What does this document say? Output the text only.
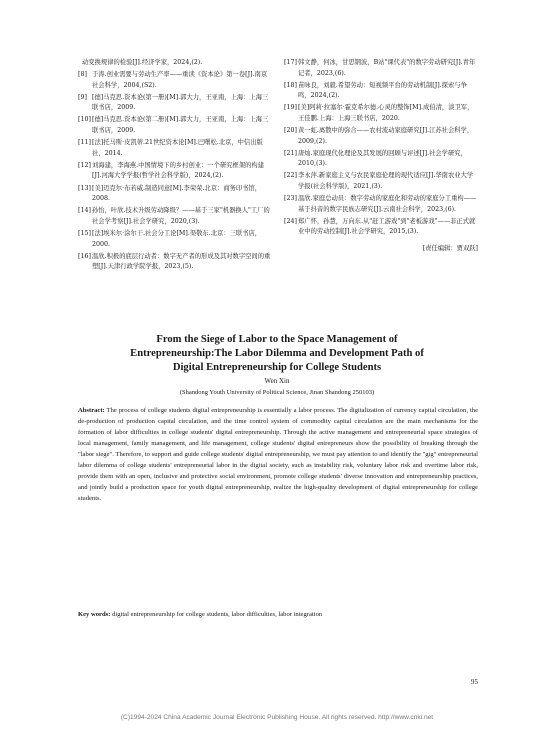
动变换规律的检验[J].经济学家，2024,(2).
[8] 于涛.创业需要与劳动生产率——重读《资本论》第一卷[J].南京社会科学，2004,(S2).
[9] [德]马克思.资本论(第一册)[M].郭大力，王亚南，上海：上海三联书店，2009.
[10] [德]马克思.资本论(第二册)[M].郭大力，王亚南，上海：上海三联书店，2009.
[11] [法]托马斯·皮凯蒂.21世纪资本论[M].巴曙松.北京，中信出版社，2014.
[12] 刘海建，李海燕.中国情境下的乡村创业：一个研究框架的构建[J].河海大学学报(哲学社会科学版)，2024,(2).
[13] [美]迈克尔·布若威.制造同意[M].李荣荣.北京：商务印书馆，2008.
[14] 孙怡，叶欣.技术升级劳动降级？——基于三家"机器换人"工厂的社会学考察[J].社会学研究，2020,(3).
[15] [法]埃米尔·涂尔干.社会分工论[M].渠敬东.北京：三联书店，2000.
[16] 温欣.积极的底层行动者：数字无产者的形成及其对数字空间的重塑[J].天津行政学院学报，2023,(5).
[17] 韩文静，何冰，甘思钢波，B站"课代表"的数字劳动研究[J].青年记者，2023,(6).
[18] 苗咏良，刘毅.希望劳动：短视频平台的劳动机制[J].探索与争鸣，2024,(2).
[19] [美]阿莉·拉塞尔·霍克希尔德.心灵的整饰[M].成伯清，淡卫军，王佳鹏.上海：上海三联书店，2020.
[20] 黄一虹.离散中的弥合——农村流动家庭研究[J].江苏社会科学，2009,(2).
[21] 唐灿.家庭现代化理论及其发展的回顾与评述[J].社会学研究，2010,(3).
[22] 李永萍.新家庭主义与农民家庭伦理的现代适应[J].华南农业大学学报(社会科学版)，2021,(3).
[23] 温欣.家庭总动员：数字劳动的家庭化和劳动的家庭分工重构——基于抖音的数字民族志研究[J].云南社会科学，2023,(6).
[24] 郑广怀，孙慧，万向东.从"赶工游戏"到"老板游戏"——非正式就业中的劳动控制[J].社会学研究，2015,(3).
[责任编辑：贾双跃]
From the Siege of Labor to the Space Management of
Entrepreneurship:The Labor Dilemma and Development Path of
Digital Entrepreneurship for College Students
Wen Xin
(Shandong Youth University of Political Science, Jinan Shandong 250103)
Abstract: The process of college students digital entrepreneurship is essentially a labor process. The digitalization of currency capital circulation, the de-production of production capital circulation, and the time control system of commodity capital circulation are the main mechanisms for the formation of labor difficulties in college students' digital entrepreneurship. Through the active management and entrepreneurial space strategies of local management, family management, and life management, college students' digital entrepreneurs show the possibility of breaking through the "labor siege". Therefore, to support and guide college students' digital entrepreneurship, we must pay attention to and identify the "gig" entrepreneurial labor dilemma of college students' entrepreneurial labor in the digital society, such as instability risk, voluntary labor risk and overtime labor risk, provide them with an open, inclusive and protective social environment, promote college students' diverse innovation and entrepreneurship practices, and jointly build a production space for youth digital entrepreneurship, realize the high-quality development of digital entrepreneurship for college students.
Key words: digital entrepreneurship for college students, labor difficulties, labor integration
95
(C)1994-2024 China Academic Journal Electronic Publishing House. All rights reserved. http://www.cnki.net
